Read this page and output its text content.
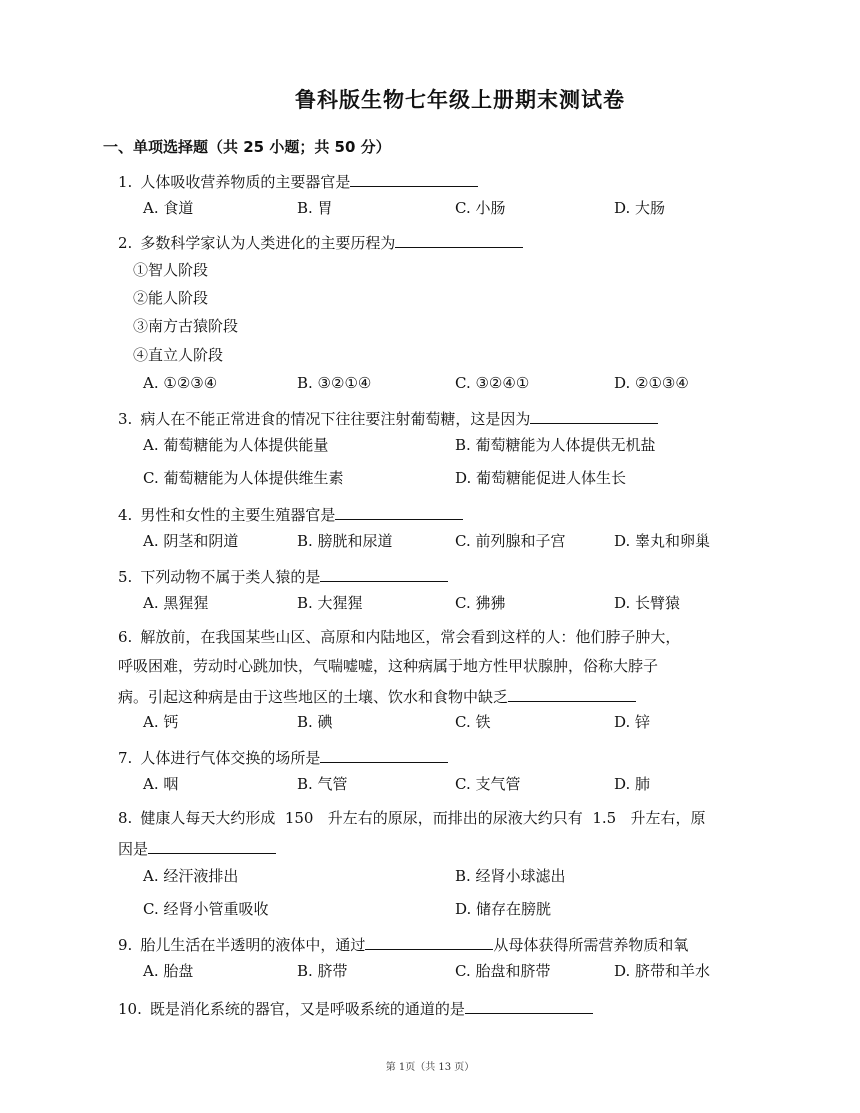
鲁科版生物七年级上册期末测试卷
一、单项选择题（共 25 小题；共 50 分）
1. 人体吸收营养物质的主要器官是
A. 食道	B. 胃	C. 小肠	D. 大肠
2. 多数科学家认为人类进化的主要历程为
①智人阶段
②能人阶段
③南方古猿阶段
④直立人阶段
A. ①②③④	B. ③②①④	C. ③②④①	D. ②①③④
3. 病人在不能正常进食的情况下往往要注射葡萄糖，这是因为
A. 葡萄糖能为人体提供能量	B. 葡萄糖能为人体提供无机盐
C. 葡萄糖能为人体提供维生素	D. 葡萄糖能促进人体生长
4. 男性和女性的主要生殖器官是
A. 阴茎和阴道	B. 膀胱和尿道	C. 前列腺和子宫	D. 睾丸和卵巢
5. 下列动物不属于类人猿的是
A. 黑猩猩	B. 大猩猩	C. 狒狒	D. 长臂猿
6. 解放前，在我国某些山区、高原和内陆地区，常会看到这样的人：他们脖子肿大，
呼吸困难，劳动时心跳加快，气喘嘘嘘，这种病属于地方性甲状腺肿，俗称大脖子
病。引起这种病是由于这些地区的土壤、饮水和食物中缺乏
A. 钙	B. 碘	C. 铁	D. 锌
7. 人体进行气体交换的场所是
A. 咽	B. 气管	C. 支气管	D. 肺
8. 健康人每天大约形成  150   升左右的原尿，而排出的尿液大约只有  1.5   升左右，原
因是
A. 经汗液排出	B. 经肾小球滤出
C. 经肾小管重吸收	D. 储存在膀胱
9. 胎儿生活在半透明的液体中，通过	从母体获得所需营养物质和氧
A. 胎盘	B. 脐带	C. 胎盘和脐带	D. 脐带和羊水
10. 既是消化系统的器官，又是呼吸系统的通道的是
第 1页（共 13 页）
